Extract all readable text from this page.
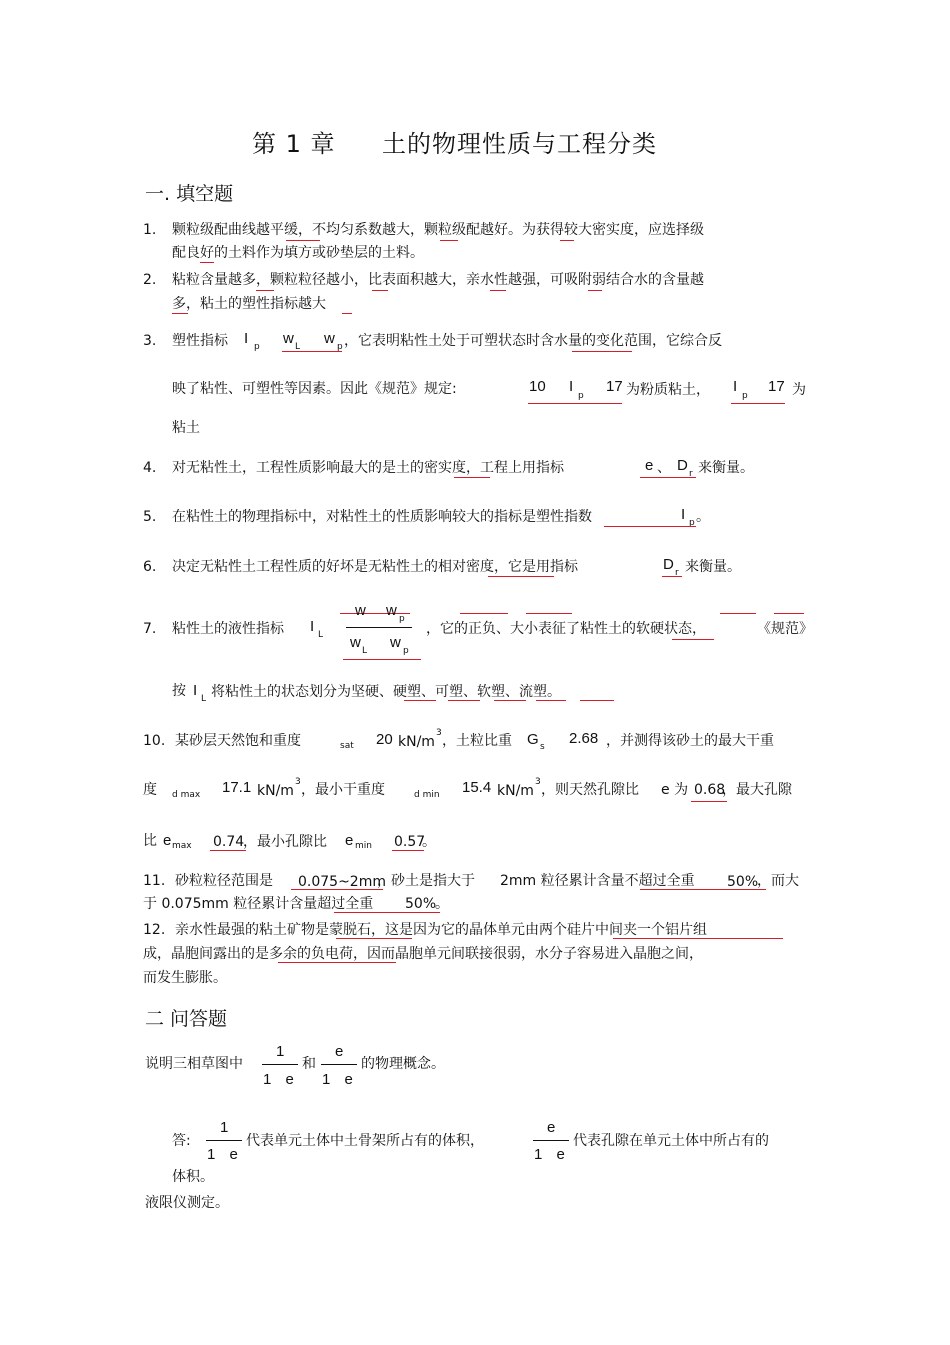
第 1 章 土的物理性质与工程分类
一. 填空题
1. 颗粒级配曲线越平缓，不均匀系数越大，颗粒级配越好。为获得较大密实度，应选择级
配良好的土料作为填方或砂垫层的土料。
2. 粘粒含量越多，颗粒粒径越小，比表面积越大，亲水性越强，可吸附弱结合水的含量越
多，粘土的塑性指标越大
3. 塑性指标 I p w L w p ，它表明粘性土处于可塑状态时含水量的变化范围，它综合反
映了粘性、可塑性等因素。因此《规范》规定:	10 I
p
17 为粉质粘土， I
p
17 为
粘土
4. 对无粘性土，工程性质影响最大的是土的密实度，工程上用指标	e 、 D r 来衡量。
5. 在粘性土的物理指标中，对粘性土的性质影响较大的指标是塑性指数	I p 。
6. 决定无粘性土工程性质的好坏是无粘性土的相对密度，它是用指标	D r 来衡量。
7. 粘性土的液性指标 I L
w w p
w L w p
，它的正负、大小表征了粘性土的软硬状态，	《规范》
按 I L 将粘性土的状态划分为坚硬、硬塑、可塑、软塑、流塑。
10. 某砂层天然饱和重度	sat 20 kN/m
3 ，土粒比重 G s 2.68 ，并测得该砂土的最大干重
度 d max 17.1 kN/m
3 ，最小干重度	d min 15.4 kN/m
3 ，则天然孔隙比 e 为 0.68
，最大孔隙
比 e max 0.74
，最小孔隙比 e min 0.57
。
11. 砂粒粒径范围是 0.075~2mm
，砂土是指大于 2mm 粒径累计含量不超过全重 50%
，而大
于 0.075mm 粒径累计含量超过全重 50%
。
12. 亲水性最强的粘土矿物是蒙脱石，这是因为它的晶体单元由两个硅片中间夹一个铝片组
成，晶胞间露出的是多余的负电荷，因而晶胞单元间联接很弱，水分子容易进入晶胞之间，
而发生膨胀。
二 问答题
说明三相草图中
1
1 e
和
e
1 e
的物理概念。
答:
1
1 e
代表单元土体中土骨架所占有的体积，
e
1 e
代表孔隙在单元土体中所占有的
体积。
液限仪测定。
